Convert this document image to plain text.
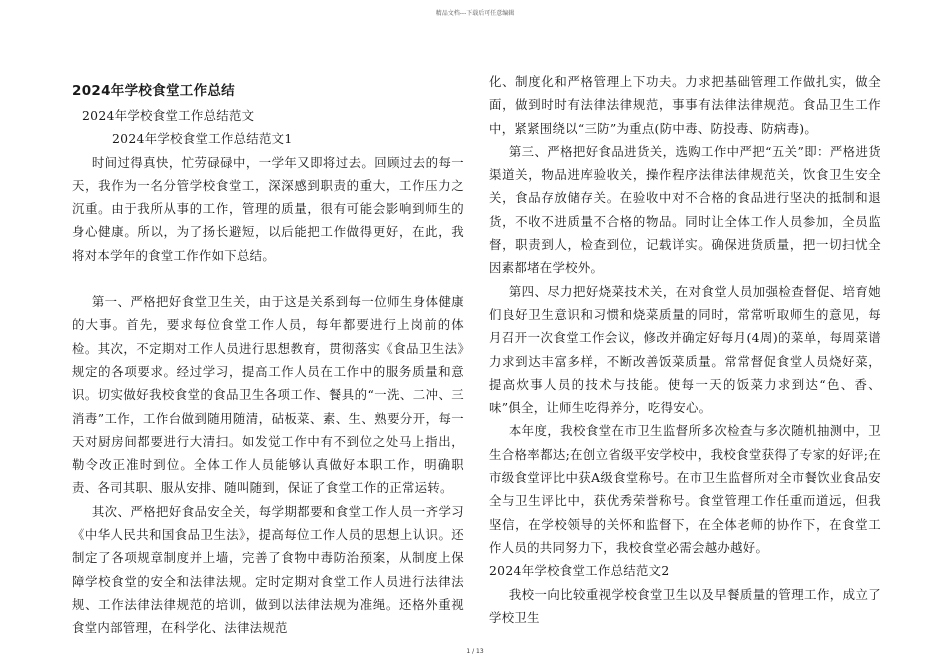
精品文档---下载后可任意编辑
2024年学校食堂工作总结

2024年学校食堂工作总结范文

2024年学校食堂工作总结范文1

时间过得真快，忙劳碌碌中，一学年又即将过去。回顾过去的每一天，我作为一名分管学校食堂工，深深感到职责的重大，工作压力之沉重。由于我所从事的工作，管理的质量，很有可能会影响到师生的身心健康。所以，为了扬长避短，以后能把工作做得更好，在此，我将对本学年的食堂工作作如下总结。

第一、严格把好食堂卫生关，由于这是关系到每一位师生身体健康的大事。首先，要求每位食堂工作人员，每年都要进行上岗前的体检。其次，不定期对工作人员进行思想教育，贯彻落实《食品卫生法》规定的各项要求。经过学习，提高工作人员在工作中的服务质量和意识。切实做好我校食堂的食品卫生各项工作、餐具的“一洗、二冲、三消毒”工作，工作台做到随用随清，砧板菜、素、生、熟要分开，每一天对厨房间都要进行大清扫。如发觉工作中有不到位之处马上指出，勒令改正准时到位。全体工作人员能够认真做好本职工作，明确职责、各司其职、服从安排、随叫随到，保证了食堂工作的正常运转。

其次、严格把好食品安全关，每学期都要和食堂工作人员一齐学习《中华人民共和国食品卫生法》，提高每位工作人员的思想上认识。还制定了各项规章制度并上墙，完善了食物中毒防治预案，从制度上保障学校食堂的安全和法律法规。定时定期对食堂工作人员进行法律法规、工作法律法律规范的培训，做到以法律法规为准绳。还格外重视食堂内部管理，在科学化、法律法规范

化、制度化和严格管理上下功夫。力求把基础管理工作做扎实，做全面，做到时时有法律法律规范，事事有法律法律规范。食品卫生工作中，紧紧围绕以“三防”为重点(防中毒、防投毒、防病毒)。

第三、严格把好食品进货关，选购工作中严把“五关”即：严格进货渠道关，物品进库验收关，操作程序法律法律规范关，饮食卫生安全关，食品存放储存关。在验收中对不合格的食品进行坚决的抵制和退货，不收不进质量不合格的物品。同时让全体工作人员参加，全员监督，职责到人，检查到位，记载详实。确保进货质量，把一切扫忧全因素都堵在学校外。

第四、尽力把好烧菜技术关，在对食堂人员加强检查督促、培育她们良好卫生意识和习惯和烧菜质量的同时，常常听取师生的意见，每月召开一次食堂工作会议，修改并确定好每月(4周)的菜单，每周菜谱力求到达丰富多样，不断改善饭菜质量。常常督促食堂人员烧好菜，提高炊事人员的技术与技能。使每一天的饭菜力求到达“色、香、味”俱全，让师生吃得养分，吃得安心。

本年度，我校食堂在市卫生监督所多次检查与多次随机抽测中，卫生合格率都达;在创立省级平安学校中，我校食堂获得了专家的好评;在市级食堂评比中获A级食堂称号。在市卫生监督所对全市餐饮业食品安全与卫生评比中，获优秀荣誉称号。食堂管理工作任重而道远，但我坚信，在学校领导的关怀和监督下，在全体老师的协作下，在食堂工作人员的共同努力下，我校食堂必需会越办越好。

2024年学校食堂工作总结范文2

我校一向比较重视学校食堂卫生以及早餐质量的管理工作，成立了学校卫生

1 / 13
